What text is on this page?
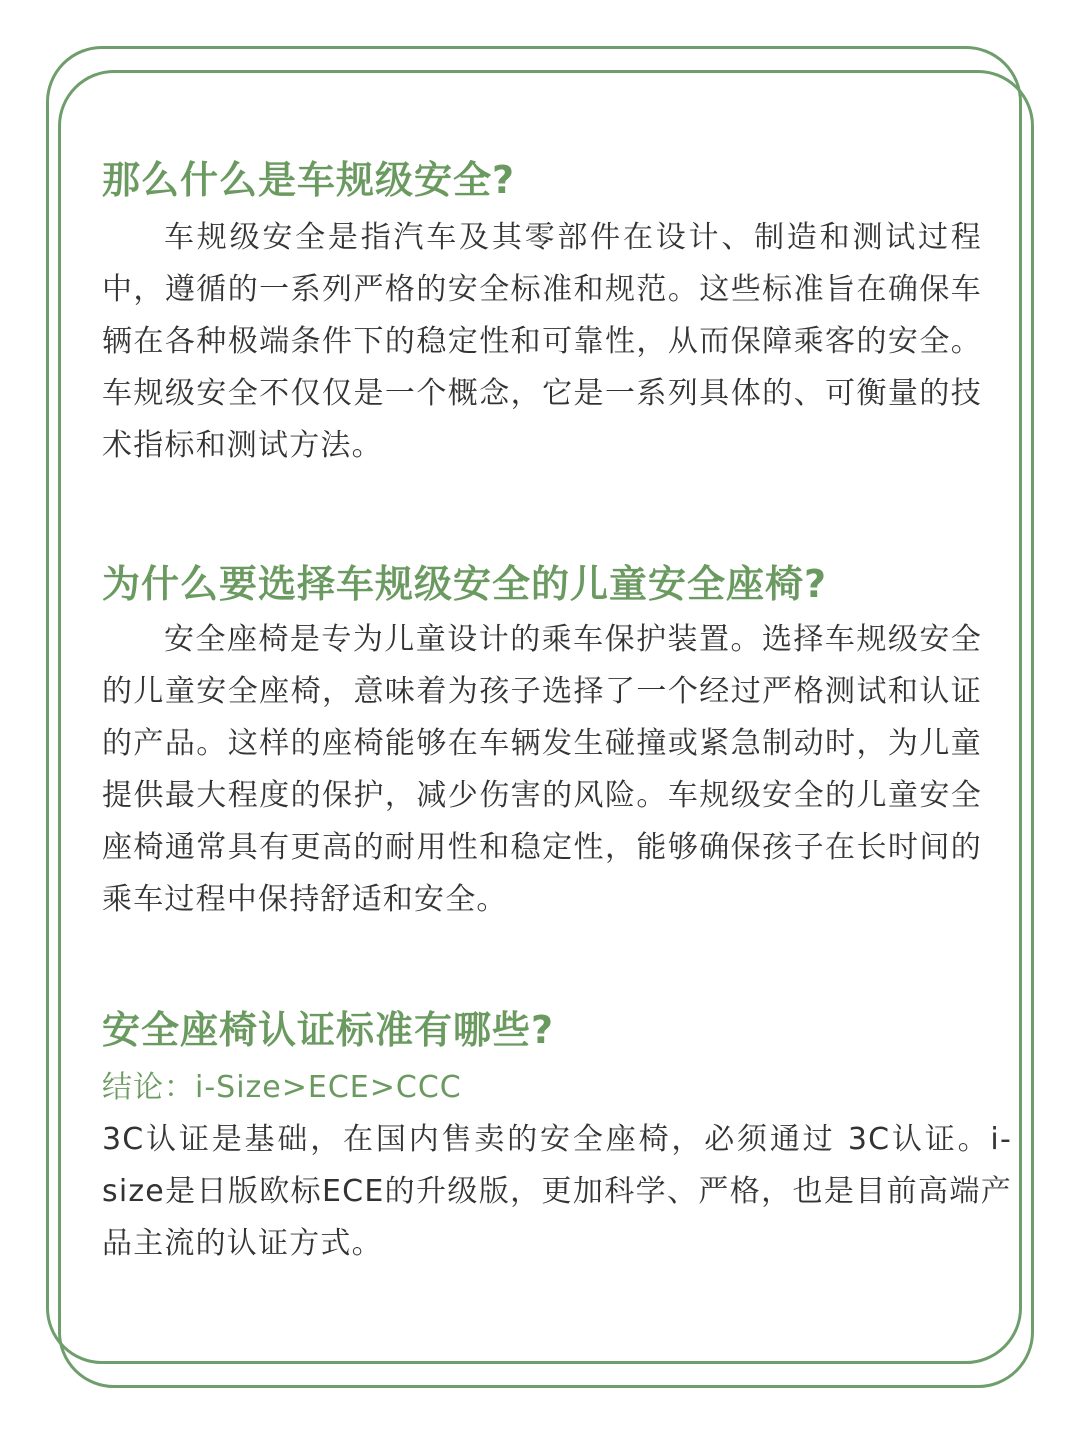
那么什么是车规级安全?
车规级安全是指汽车及其零部件在设计、制造和测试过程中，遵循的一系列严格的安全标准和规范。这些标准旨在确保车辆在各种极端条件下的稳定性和可靠性，从而保障乘客的安全。车规级安全不仅仅是一个概念，它是一系列具体的、可衡量的技术指标和测试方法。
为什么要选择车规级安全的儿童安全座椅?
安全座椅是专为儿童设计的乘车保护装置。选择车规级安全的儿童安全座椅，意味着为孩子选择了一个经过严格测试和认证的产品。这样的座椅能够在车辆发生碰撞或紧急制动时，为儿童提供最大程度的保护，减少伤害的风险。车规级安全的儿童安全座椅通常具有更高的耐用性和稳定性，能够确保孩子在长时间的乘车过程中保持舒适和安全。
安全座椅认证标准有哪些?
结论：i-Size>ECE>CCC
3C认证是基础，在国内售卖的安全座椅，必须通过 3C认证。i-size是日版欧标ECE的升级版，更加科学、严格，也是目前高端产品主流的认证方式。
